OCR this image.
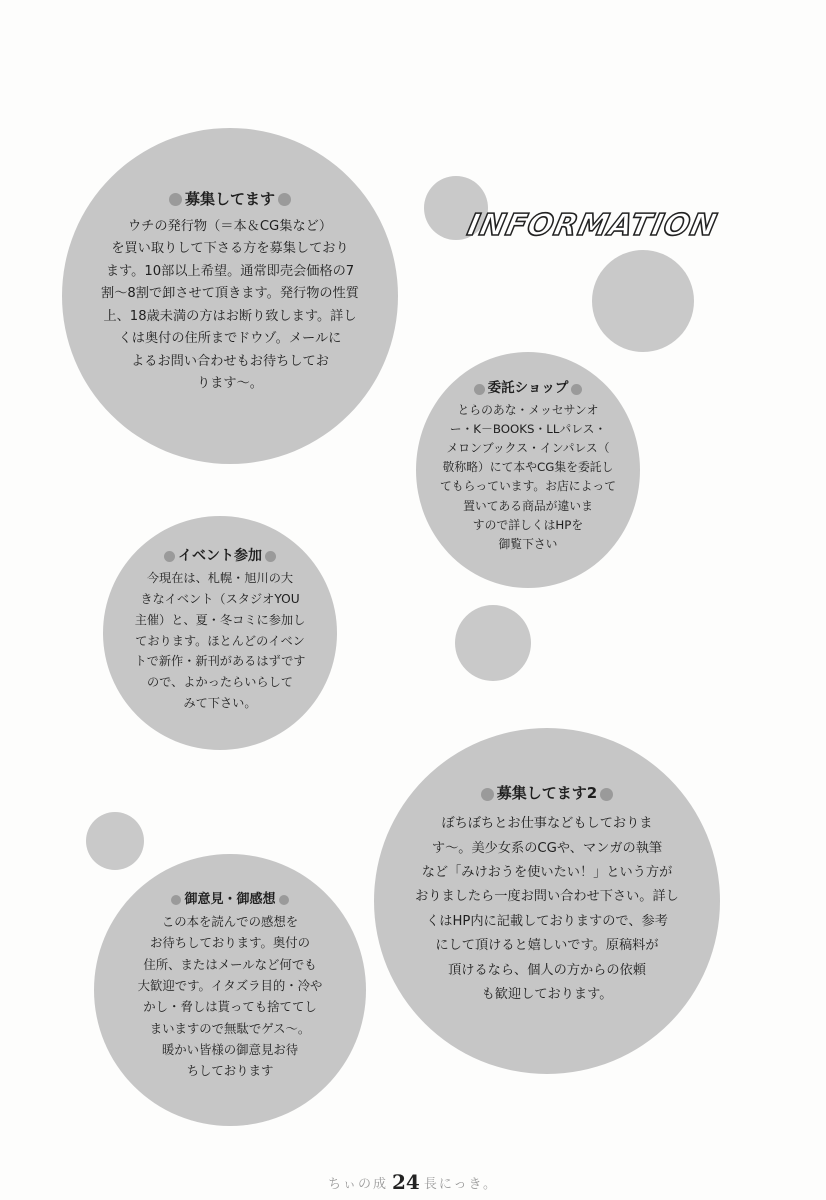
INFORMATION
募集してます
ウチの発行物（＝本＆CG集など）
を買い取りして下さる方を募集しており
ます。10部以上希望。通常即売会価格の7
割～8割で卸させて頂きます。発行物の性質
上、18歳未満の方はお断り致します。詳し
くは奥付の住所までドウゾ。メールに
よるお問い合わせもお待ちしてお
ります～。	委託ショップ
とらのあな・メッセサンオ
ー・K－BOOKS・LLパレス・
メロンブックス・インパレス（
敬称略）にて本やCG集を委託し
てもらっています。お店によって
置いてある商品が違いま
すので詳しくはHPを
御覧下さい
イベント参加
今現在は、札幌・旭川の大
きなイベント（スタジオYOU
主催）と、夏・冬コミに参加し
ております。ほとんどのイベン
トで新作・新刊があるはずです
ので、よかったらいらして
みて下さい。
募集してます2
ぼちぼちとお仕事などもしておりま
す～。美少女系のCGや、マンガの執筆
など「みけおうを使いたい！」という方が
おりましたら一度お問い合わせ下さい。詳し
くはHP内に記載しておりますので、参考
にして頂けると嬉しいです。原稿料が
頂けるなら、個人の方からの依頼
も歓迎しております。
御意見・御感想
この本を読んでの感想を
お待ちしております。奥付の
住所、またはメールなど何でも
大歓迎です。イタズラ目的・冷や
かし・脅しは貰っても捨ててし
まいますので無駄でゲス～。
暖かい皆様の御意見お待
ちしております
ちぃの成 24 長にっき。
